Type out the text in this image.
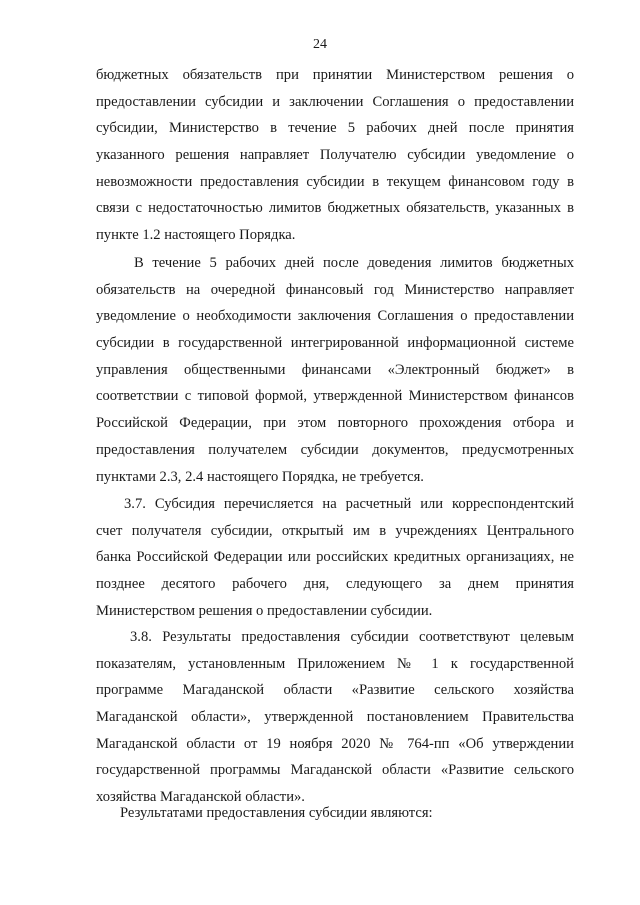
24
бюджетных обязательств при принятии Министерством решения о
предоставлении субсидии и заключении Соглашения о предоставлении
субсидии, Министерство в течение 5 рабочих дней после принятия
указанного решения направляет Получателю субсидии уведомление о
невозможности предоставления субсидии в текущем финансовом году в
связи с недостаточностью лимитов бюджетных обязательств, указанных в
пункте 1.2 настоящего Порядка.
В течение 5 рабочих дней после доведения лимитов бюджетных
обязательств на очередной финансовый год Министерство направляет
уведомление о необходимости заключения Соглашения о предоставлении
субсидии в государственной интегрированной информационной системе
управления общественными финансами «Электронный бюджет» в
соответствии с типовой формой, утвержденной Министерством финансов
Российской Федерации, при этом повторного прохождения отбора и
предоставления получателем субсидии документов, предусмотренных
пунктами 2.3, 2.4 настоящего Порядка, не требуется.
3.7. Субсидия перечисляется на расчетный или корреспондентский
счет получателя субсидии, открытый им в учреждениях Центрального
банка Российской Федерации или российских кредитных организациях, не
позднее десятого рабочего дня, следующего за днем принятия
Министерством решения о предоставлении субсидии.
3.8. Результаты предоставления субсидии соответствуют целевым
показателям, установленным Приложением № 1 к государственной
программе Магаданской области «Развитие сельского хозяйства
Магаданской области», утвержденной постановлением Правительства
Магаданской области от 19 ноября 2020 № 764-пп «Об утверждении
государственной программы Магаданской области «Развитие сельского
хозяйства Магаданской области».
Результатами предоставления субсидии являются:
